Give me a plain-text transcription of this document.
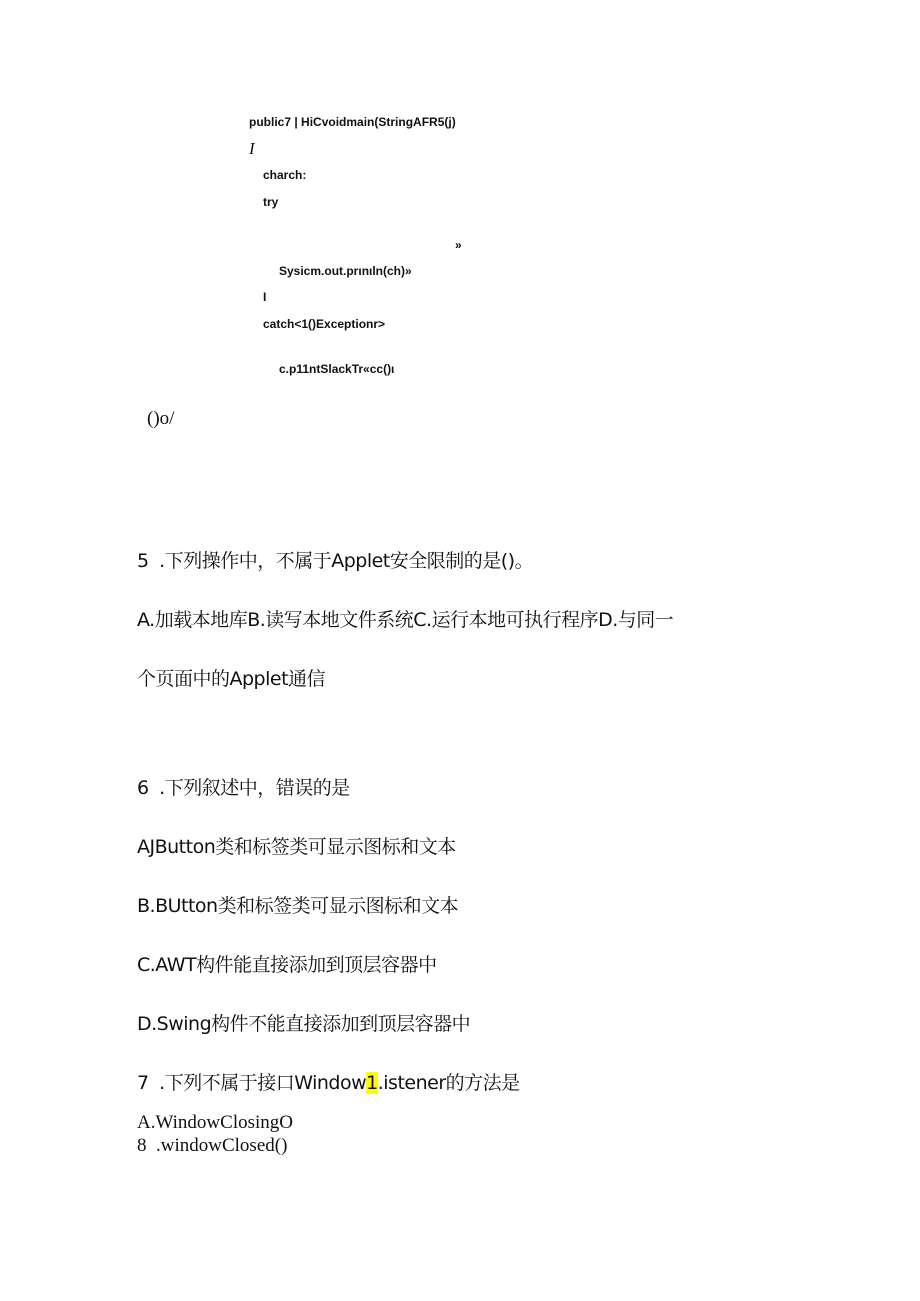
public7 | HiCvoidmain(StringAFR5(j)
I
charch:
try
»
Sysicm.out.prιnιln(ch)»
I
catch<1()Exceptionr>
c.p11ntSlackTr«cc()ι
()o/
5	.下列操作中，不属于Applet安全限制的是()。
A.加载本地库B.读写本地文件系统C.运行本地可执行程序D.与同一
个页面中的Applet通信
6	.下列叙述中，错误的是
AJButton类和标签类可显示图标和文本
B.BUtton类和标签类可显示图标和文本
C.AWT构件能直接添加到顶层容器中
D.Swing构件不能直接添加到顶层容器中
7	.下列不属于接口Window1.istener的方法是
A.WindowClosingO
8	.windowClosed()
